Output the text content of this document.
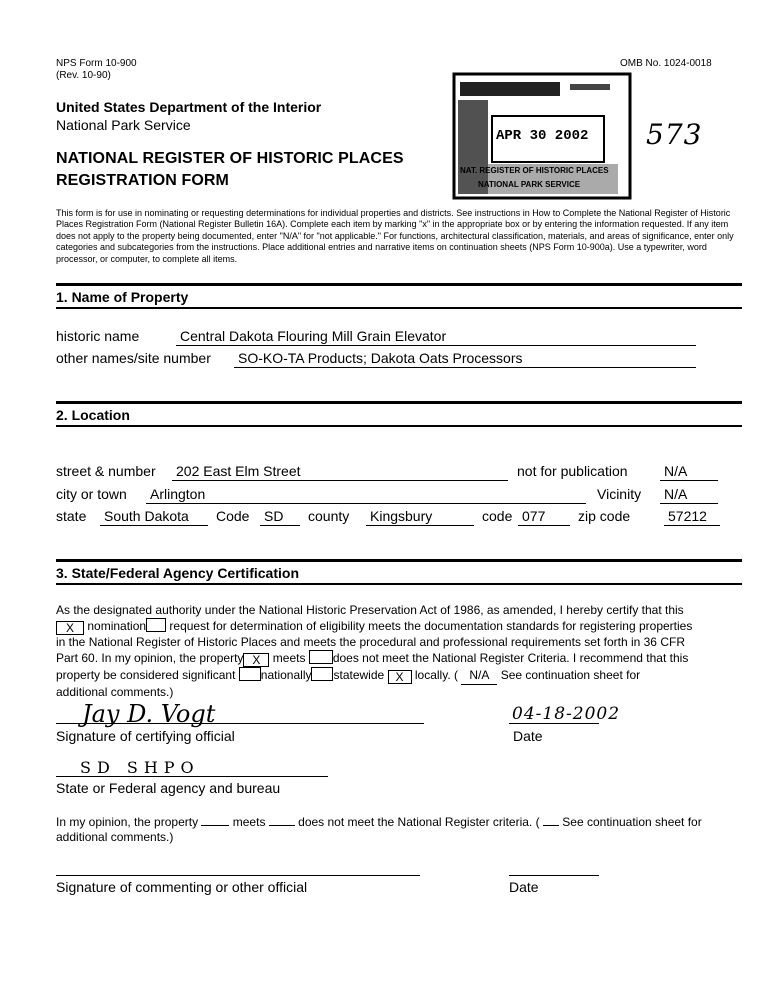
NPS Form 10-900
(Rev. 10-90)
OMB No. 1024-0018
United States Department of the Interior
National Park Service
NATIONAL REGISTER OF HISTORIC PLACES
REGISTRATION FORM
APR 30 2002
NAT. REGISTER OF HISTORIC PLACES
NATIONAL PARK SERVICE
573
This form is for use in nominating or requesting determinations for individual properties and districts. See instructions in How to Complete the National Register of Historic Places Registration Form (National Register Bulletin 16A). Complete each item by marking "x" in the appropriate box or by entering the information requested. If any item does not apply to the property being documented, enter "N/A" for "not applicable." For functions, architectural classification, materials, and areas of significance, enter only categories and subcategories from the instructions. Place additional entries and narrative items on continuation sheets (NPS Form 10-900a). Use a typewriter, word processor, or computer, to complete all items.
1. Name of Property
historic name	Central Dakota Flouring Mill Grain Elevator
other names/site number SO-KO-TA Products; Dakota Oats Processors
2. Location
street & number 202 East Elm Street	not for publication	N/A
city or town Arlington	Vicinity N/A
state South Dakota	Code SD	county Kingsbury	code 077	zip code	57212
3. State/Federal Agency Certification
As the designated authority under the National Historic Preservation Act of 1986, as amended, I hereby certify that this
X nomination request for determination of eligibility meets the documentation standards for registering properties
in the National Register of Historic Places and meets the procedural and professional requirements set forth in 36 CFR
Part 60. In my opinion, the property X meets does not meet the National Register Criteria. I recommend that this
property be considered significant nationally statewide X locally. ( N/A See continuation sheet for
additional comments.)
Jay D. Vogt
Signature of certifying official
04-18-2002
Date
SD SHPO
State or Federal agency and bureau
In my opinion, the property	meets	does not meet the National Register criteria. ( See continuation sheet for
additional comments.)
Signature of commenting or other official	Date
